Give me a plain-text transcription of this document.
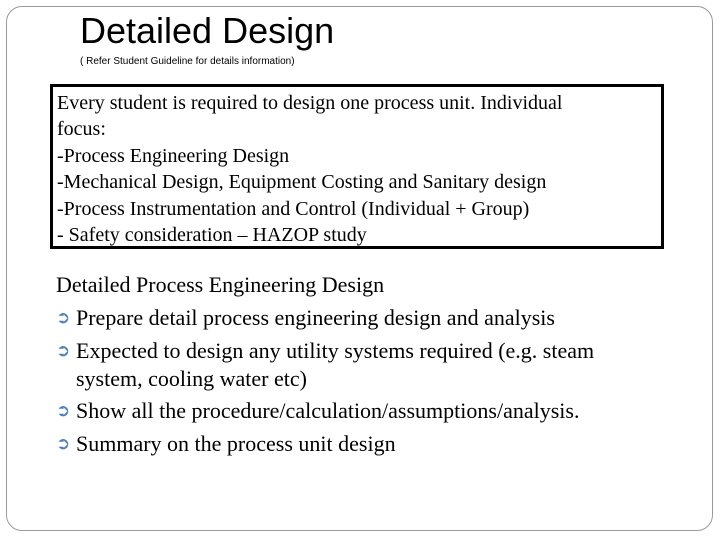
Detailed Design
( Refer Student Guideline for details information)
Every student is required to design one process unit. Individual
focus:
-Process Engineering Design
-Mechanical Design, Equipment Costing and Sanitary design
-Process Instrumentation and Control (Individual + Group)
- Safety consideration – HAZOP study
Detailed Process Engineering Design
➲ Prepare detail process engineering design and analysis
➲ Expected to design any utility systems required (e.g. steam
system, cooling water etc)
➲ Show all the procedure/calculation/assumptions/analysis.
➲ Summary on the process unit design
